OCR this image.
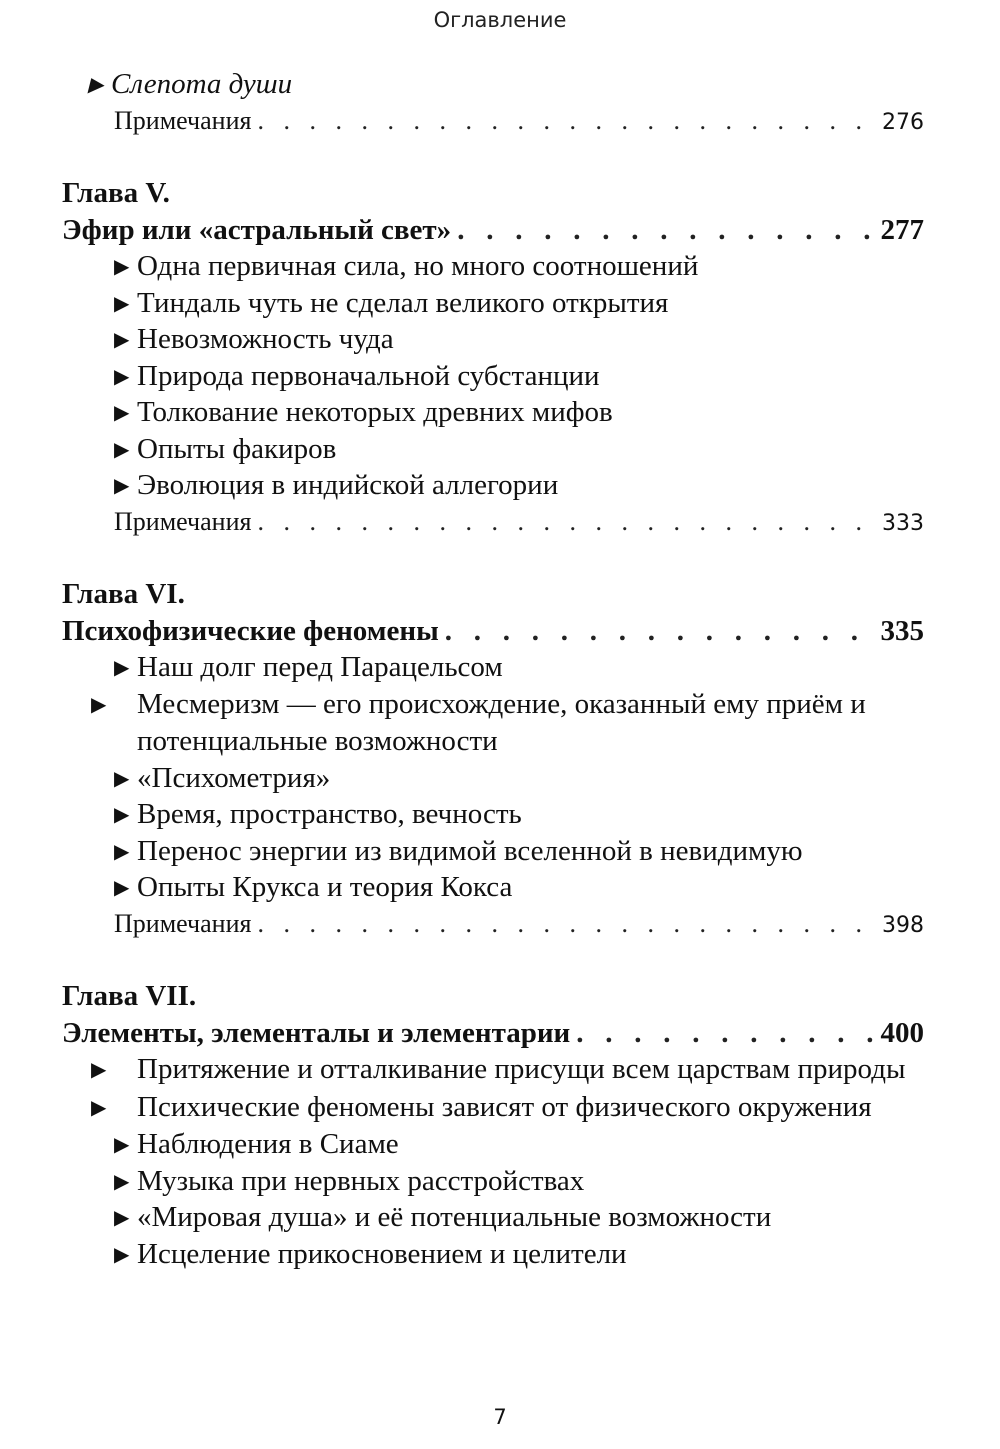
Оглавление
▶ Слепота души
Примечания . .	276
Глава V.
Эфир или «астральный свет» . .	277
▶ Одна первичная сила, но много соотношений
▶ Тиндаль чуть не сделал великого открытия
▶ Невозможность чуда
▶ Природа первоначальной субстанции
▶ Толкование некоторых древних мифов
▶ Опыты факиров
▶ Эволюция в индийской аллегории
Примечания . .	333
Глава VI.
Психофизические феномены . .	335
▶ Наш долг перед Парацельсом
▶ Месмеризм — его происхождение, оказанный ему приём и потенциальные возможности
▶ «Психометрия»
▶ Время, пространство, вечность
▶ Перенос энергии из видимой вселенной в невидимую
▶ Опыты Крукса и теория Кокса
Примечания . .	398
Глава VII.
Элементы, элементалы и элементарии . .	400
▶ Притяжение и отталкивание присущи всем царствам природы
▶ Психические феномены зависят от физического окружения
▶ Наблюдения в Сиаме
▶ Музыка при нервных расстройствах
▶ «Мировая душа» и её потенциальные возможности
▶ Исцеление прикосновением и целители
7
